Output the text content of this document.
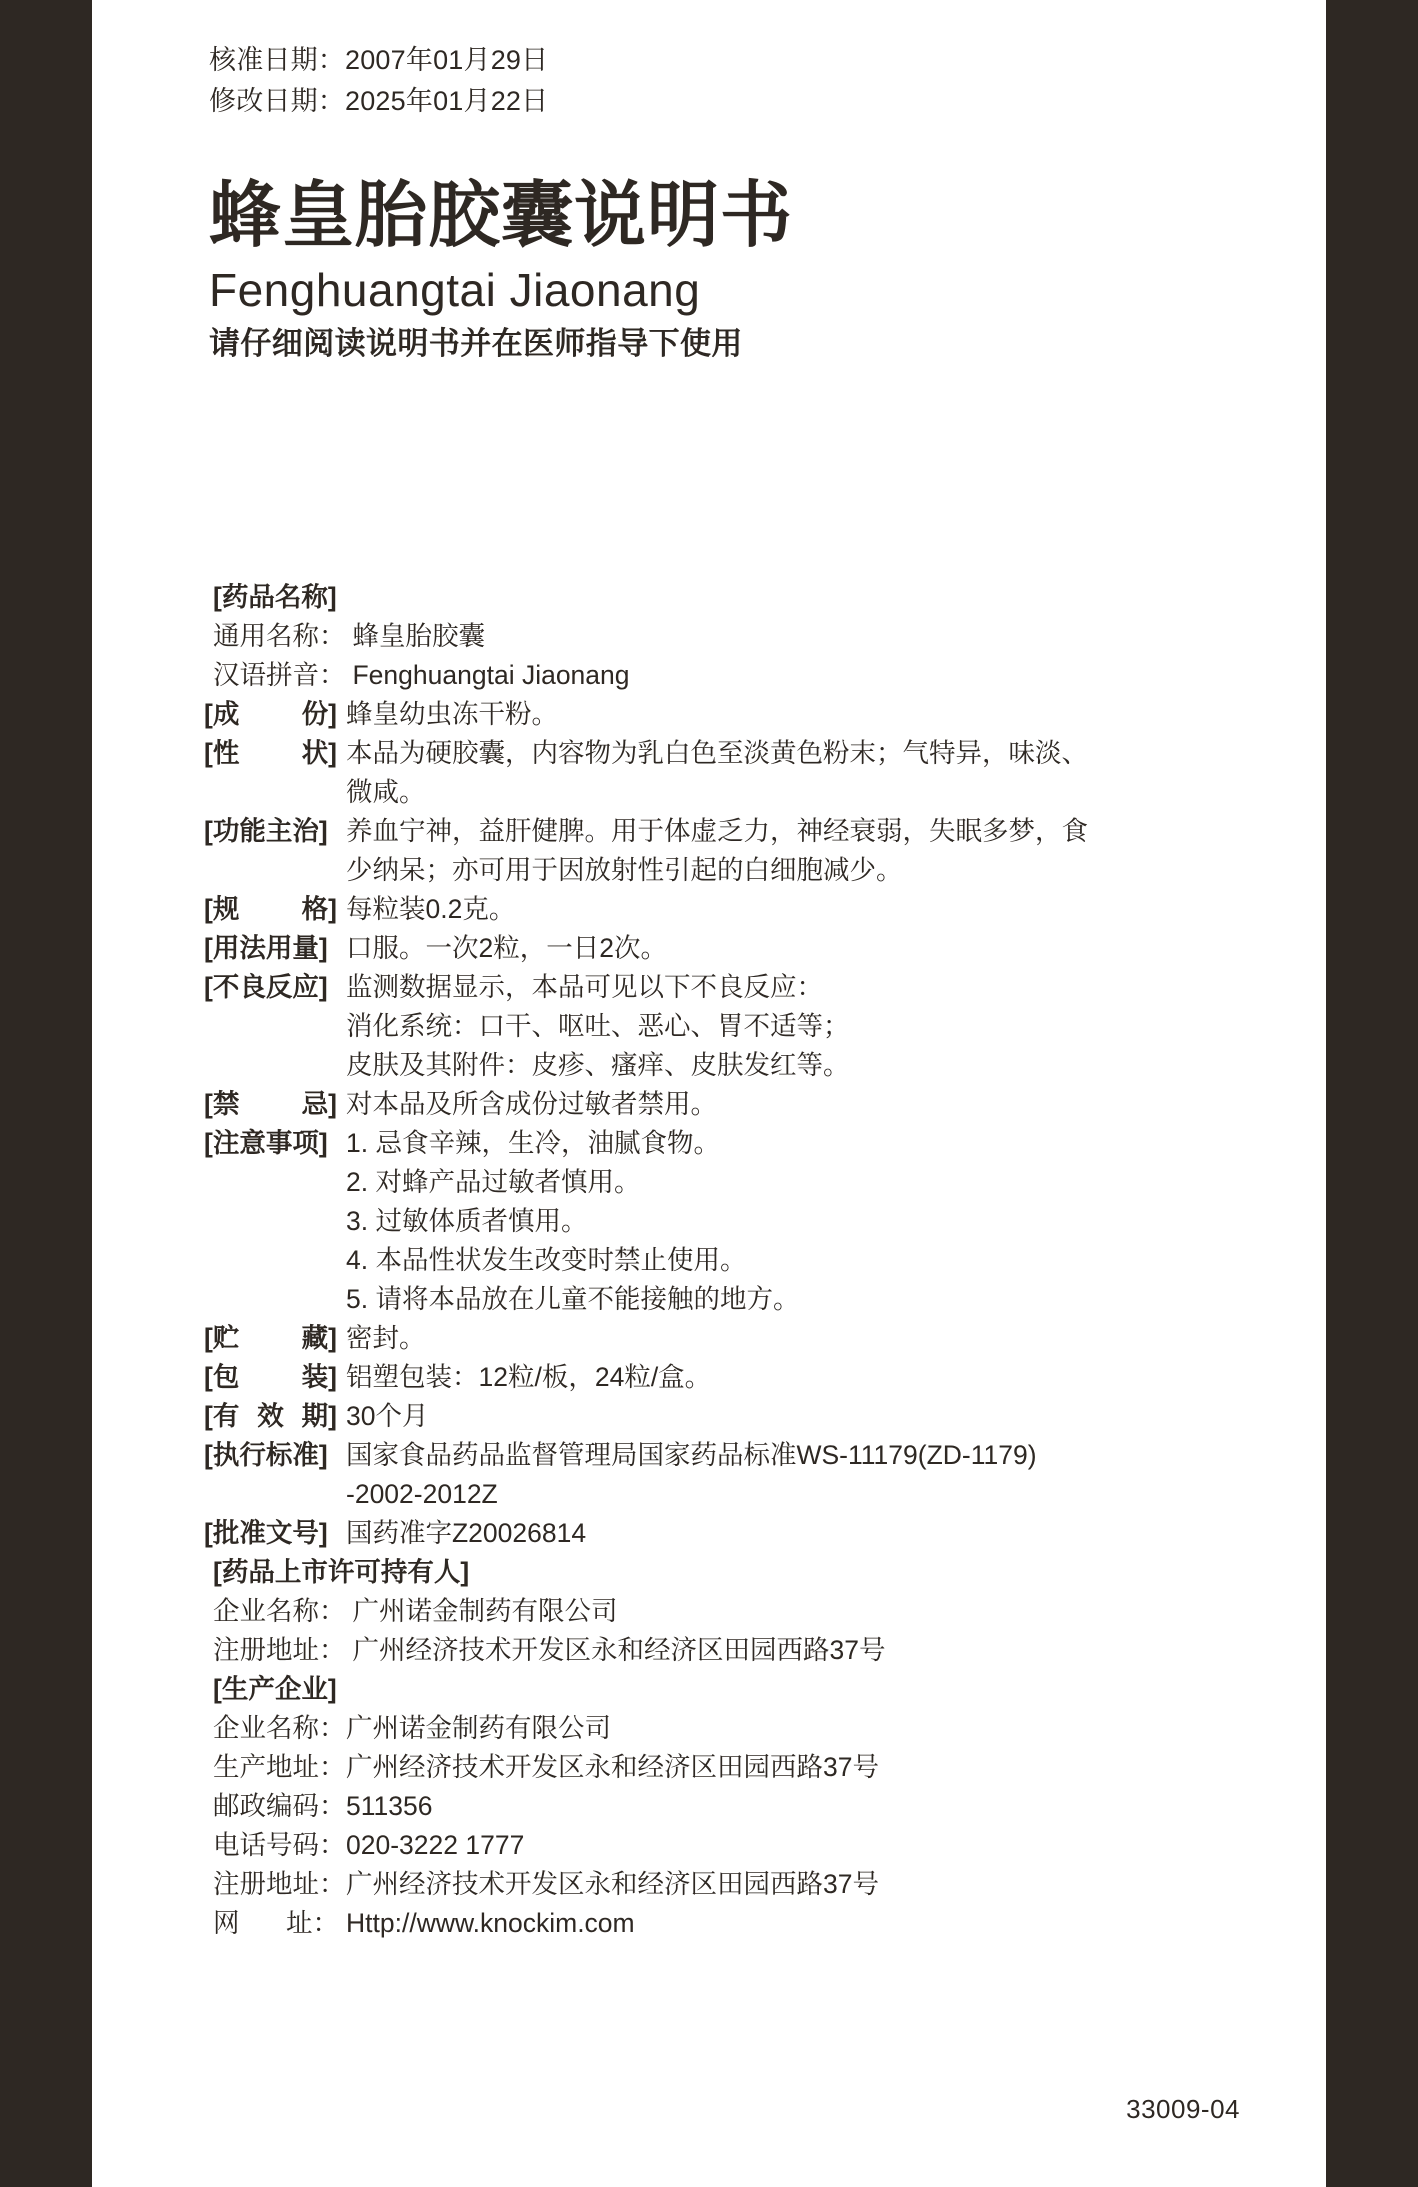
核准日期：2007年01月29日
修改日期：2025年01月22日
蜂皇胎胶囊说明书
Fenghuangtai Jiaonang
请仔细阅读说明书并在医师指导下使用
[药品名称]
通用名称： 蜂皇胎胶囊
汉语拼音： Fenghuangtai Jiaonang
[成 份] 蜂皇幼虫冻干粉。
[性 状] 本品为硬胶囊，内容物为乳白色至淡黄色粉末；气特异，味淡、
微咸。
[功能主治] 养血宁神，益肝健脾。用于体虚乏力，神经衰弱，失眠多梦，食
少纳呆；亦可用于因放射性引起的白细胞减少。
[规 格] 每粒装0.2克。
[用法用量] 口服。一次2粒，一日2次。
[不良反应] 监测数据显示，本品可见以下不良反应：
消化系统：口干、呕吐、恶心、胃不适等；
皮肤及其附件：皮疹、瘙痒、皮肤发红等。
[禁 忌] 对本品及所含成份过敏者禁用。
[注意事项] 1. 忌食辛辣，生冷，油腻食物。
2. 对蜂产品过敏者慎用。
3. 过敏体质者慎用。
4. 本品性状发生改变时禁止使用。
5. 请将本品放在儿童不能接触的地方。
[贮 藏] 密封。
[包 装] 铝塑包装：12粒/板，24粒/盒。
[有 效 期] 30个月
[执行标准] 国家食品药品监督管理局国家药品标准WS-11179(ZD-1179)
-2002-2012Z
[批准文号] 国药准字Z20026814
[药品上市许可持有人]
企业名称： 广州诺金制药有限公司
注册地址： 广州经济技术开发区永和经济区田园西路37号
[生产企业]
企业名称： 广州诺金制药有限公司
生产地址： 广州经济技术开发区永和经济区田园西路37号
邮政编码： 511356
电话号码： 020-3222 1777
注册地址： 广州经济技术开发区永和经济区田园西路37号
网 址： Http://www.knockim.com
33009-04
